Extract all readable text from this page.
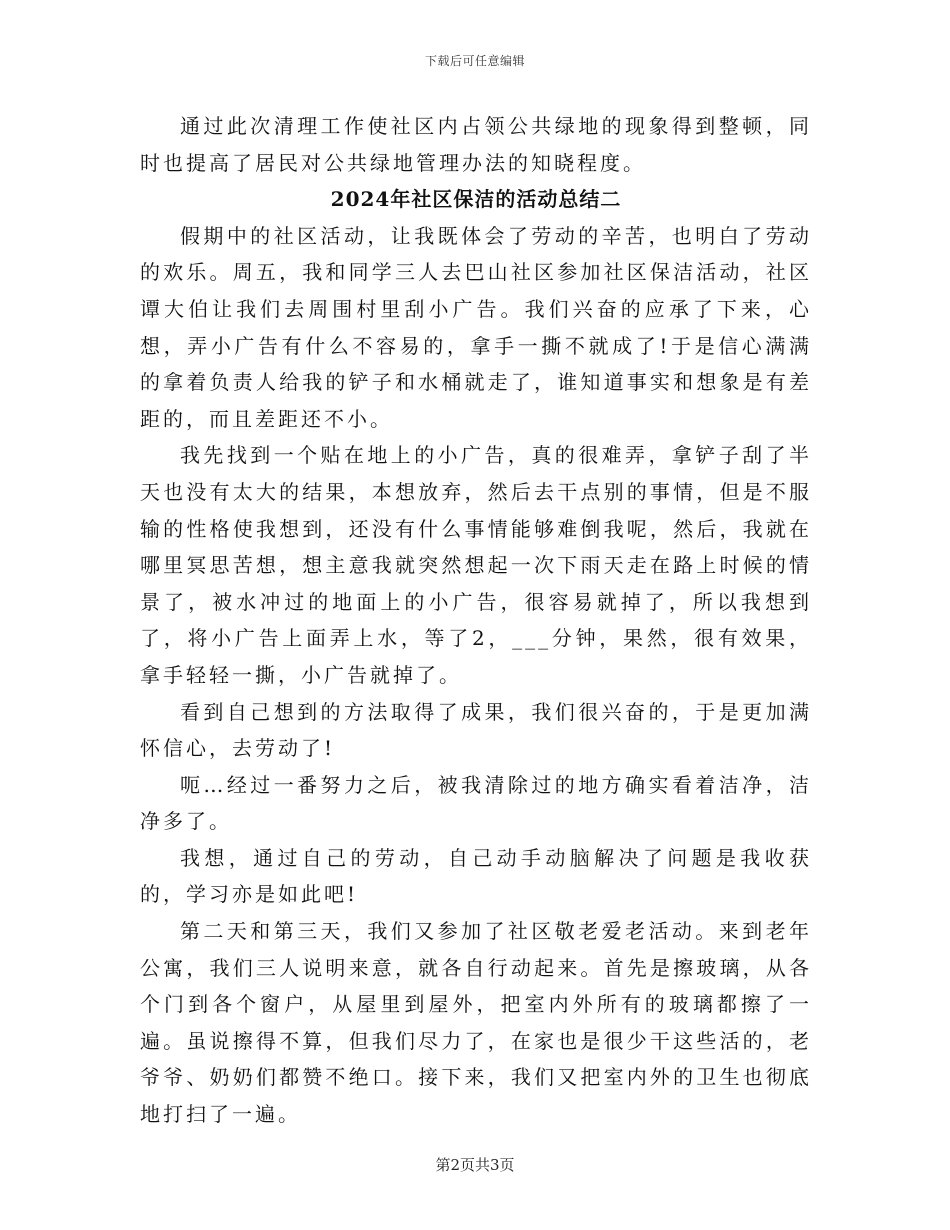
下载后可任意编辑

通过此次清理工作使社区内占领公共绿地的现象得到整顿，同时也提高了居民对公共绿地管理办法的知晓程度。

2024年社区保洁的活动总结二

假期中的社区活动，让我既体会了劳动的辛苦，也明白了劳动的欢乐。周五，我和同学三人去巴山社区参加社区保洁活动，社区谭大伯让我们去周围村里刮小广告。我们兴奋的应承了下来，心想，弄小广告有什么不容易的，拿手一撕不就成了!于是信心满满的拿着负责人给我的铲子和水桶就走了，谁知道事实和想象是有差距的，而且差距还不小。

我先找到一个贴在地上的小广告，真的很难弄，拿铲子刮了半天也没有太大的结果，本想放弃，然后去干点别的事情，但是不服输的性格使我想到，还没有什么事情能够难倒我呢，然后，我就在哪里冥思苦想，想主意我就突然想起一次下雨天走在路上时候的情景了，被水冲过的地面上的小广告，很容易就掉了，所以我想到了，将小广告上面弄上水，等了2，___分钟，果然，很有效果，拿手轻轻一撕，小广告就掉了。

看到自己想到的方法取得了成果，我们很兴奋的，于是更加满怀信心，去劳动了!

呃…经过一番努力之后，被我清除过的地方确实看着洁净，洁净多了。

我想，通过自己的劳动，自己动手动脑解决了问题是我收获的，学习亦是如此吧!

第二天和第三天，我们又参加了社区敬老爱老活动。来到老年公寓，我们三人说明来意，就各自行动起来。首先是擦玻璃，从各个门到各个窗户，从屋里到屋外，把室内外所有的玻璃都擦了一遍。虽说擦得不算，但我们尽力了，在家也是很少干这些活的，老爷爷、奶奶们都赞不绝口。接下来，我们又把室内外的卫生也彻底地打扫了一遍。

第2页共3页
